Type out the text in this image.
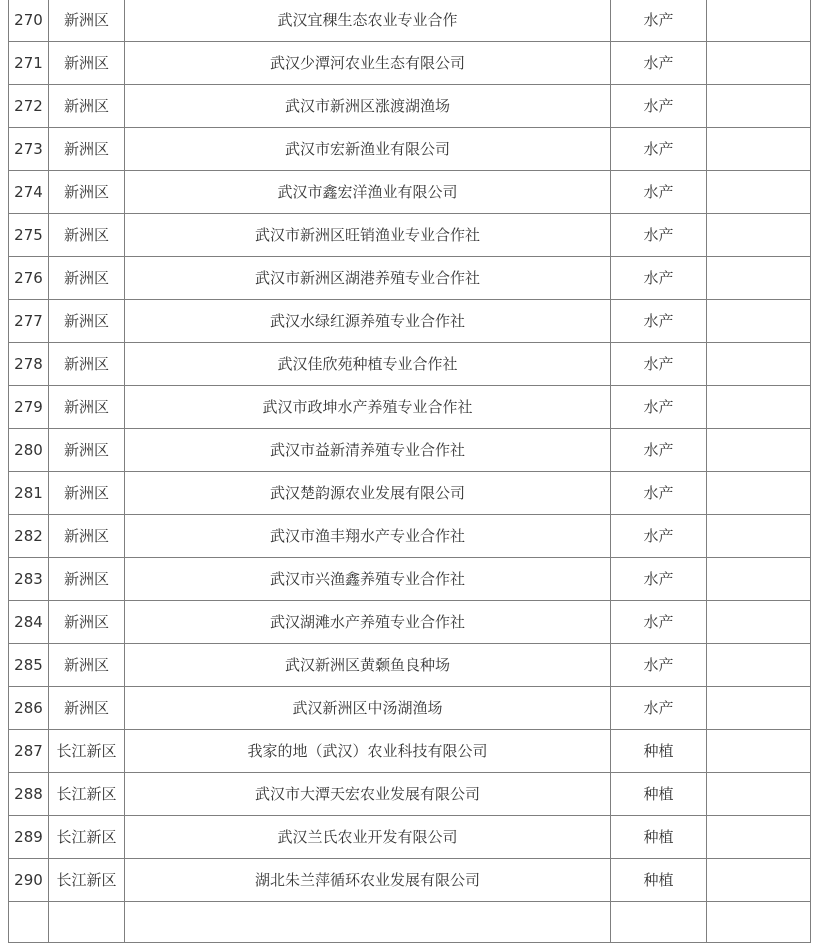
270	新洲区	武汉宜稞生态农业专业合作	水产	
271	新洲区	武汉少潭河农业生态有限公司	水产	
272	新洲区	武汉市新洲区涨渡湖渔场	水产	
273	新洲区	武汉市宏新渔业有限公司	水产	
274	新洲区	武汉市鑫宏洋渔业有限公司	水产	
275	新洲区	武汉市新洲区旺销渔业专业合作社	水产	
276	新洲区	武汉市新洲区湖港养殖专业合作社	水产	
277	新洲区	武汉水绿红源养殖专业合作社	水产	
278	新洲区	武汉佳欣苑种植专业合作社	水产	
279	新洲区	武汉市政坤水产养殖专业合作社	水产	
280	新洲区	武汉市益新清养殖专业合作社	水产	
281	新洲区	武汉楚韵源农业发展有限公司	水产	
282	新洲区	武汉市渔丰翔水产专业合作社	水产	
283	新洲区	武汉市兴渔鑫养殖专业合作社	水产	
284	新洲区	武汉湖滩水产养殖专业合作社	水产	
285	新洲区	武汉新洲区黄颡鱼良种场	水产	
286	新洲区	武汉新洲区中汤湖渔场	水产	
287	长江新区	我家的地（武汉）农业科技有限公司	种植	
288	长江新区	武汉市大潭天宏农业发展有限公司	种植	
289	长江新区	武汉兰氏农业开发有限公司	种植	
290	长江新区	湖北朱兰萍循环农业发展有限公司	种植	
